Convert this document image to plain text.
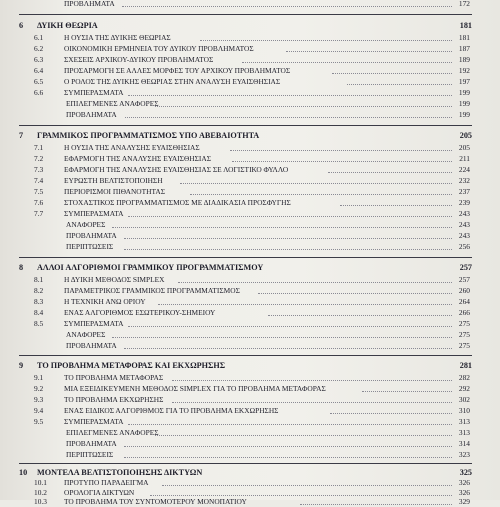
ΠΡΟΒΛΗΜΑΤΑ	172
6 ΔΥΙΚΗ ΘΕΩΡΙΑ	181
6.1	Η ΟΥΣΙΑ ΤΗΣ ΔΥΙΚΗΣ ΘΕΩΡΙΑΣ	181
6.2	ΟΙΚΟΝΟΜΙΚΗ ΕΡΜΗΝΕΙΑ ΤΟΥ ΔΥΙΚΟΥ ΠΡΟΒΛΗΜΑΤΟΣ	187
6.3	ΣΧΕΣΕΙΣ ΑΡΧΙΚΟΥ-ΔΥΙΚΟΥ ΠΡΟΒΛΗΜΑΤΟΣ	189
6.4	ΠΡΟΣΑΡΜΟΓΗ ΣΕ ΑΛΛΕΣ ΜΟΡΦΕΣ ΤΟΥ ΑΡΧΙΚΟΥ ΠΡΟΒΛΗΜΑΤΟΣ	192
6.5	Ο ΡΟΛΟΣ ΤΗΣ ΔΥΙΚΗΣ ΘΕΩΡΙΑΣ ΣΤΗΝ ΑΝΑΛΥΣΗ ΕΥΑΙΣΘΗΣΙΑΣ	197
6.6	ΣΥΜΠΕΡΑΣΜΑΤΑ	199
ΕΠΙΛΕΓΜΕΝΕΣ ΑΝΑΦΟΡΕΣ	199
ΠΡΟΒΛΗΜΑΤΑ	199
7 ΓΡΑΜΜΙΚΟΣ ΠΡΟΓΡΑΜΜΑΤΙΣΜΟΣ ΥΠΟ ΑΒΕΒΑΙΟΤΗΤΑ	205
7.1	Η ΟΥΣΙΑ ΤΗΣ ΑΝΑΛΥΣΗΣ ΕΥΑΙΣΘΗΣΙΑΣ	205
7.2	ΕΦΑΡΜΟΓΗ ΤΗΣ ΑΝΑΛΥΣΗΣ ΕΥΑΙΣΘΗΣΙΑΣ	211
7.3	ΕΦΑΡΜΟΓΗ ΤΗΣ ΑΝΑΛΥΣΗΣ ΕΥΑΙΣΘΗΣΙΑΣ ΣΕ ΛΟΓΙΣΤΙΚΟ ΦΥΛΛΟ	224
7.4	ΕΥΡΩΣΤΗ ΒΕΛΤΙΣΤΟΠΟΙΗΣΗ	232
7.5	ΠΕΡΙΟΡΙΣΜΟΙ ΠΙΘΑΝΟΤΗΤΑΣ	237
7.6	ΣΤΟΧΑΣΤΙΚΟΣ ΠΡΟΓΡΑΜΜΑΤΙΣΜΟΣ ΜΕ ΔΙΑΔΙΚΑΣΙΑ ΠΡΟΣΦΥΓΗΣ	239
7.7	ΣΥΜΠΕΡΑΣΜΑΤΑ	243
ΑΝΑΦΟΡΕΣ	243
ΠΡΟΒΛΗΜΑΤΑ	243
ΠΕΡΙΠΤΩΣΕΙΣ	256
8 ΑΛΛΟΙ ΑΛΓΟΡΙΘΜΟΙ ΓΡΑΜΜΙΚΟΥ ΠΡΟΓΡΑΜΜΑΤΙΣΜΟΥ	257
8.1	Η ΔΥΙΚΗ ΜΕΘΟΔΟΣ SIMPLEX	257
8.2	ΠΑΡΑΜΕΤΡΙΚΟΣ ΓΡΑΜΜΙΚΟΣ ΠΡΟΓΡΑΜΜΑΤΙΣΜΟΣ	260
8.3	Η ΤΕΧΝΙΚΗ ΑΝΩ ΟΡΙΟΥ	264
8.4	ΕΝΑΣ ΑΛΓΟΡΙΘΜΟΣ ΕΣΩΤΕΡΙΚΟΥ-ΣΗΜΕΙΟΥ	266
8.5	ΣΥΜΠΕΡΑΣΜΑΤΑ	275
ΑΝΑΦΟΡΕΣ	275
ΠΡΟΒΛΗΜΑΤΑ	275
9 ΤΟ ΠΡΟΒΛΗΜΑ ΜΕΤΑΦΟΡΑΣ ΚΑΙ ΕΚΧΩΡΗΣΗΣ	281
9.1	ΤΟ ΠΡΟΒΛΗΜΑ ΜΕΤΑΦΟΡΑΣ	282
9.2	ΜΙΑ ΕΞΕΙΔΙΚΕΥΜΕΝΗ ΜΕΘΟΔΟΣ SIMPLEX ΓΙΑ ΤΟ ΠΡΟΒΛΗΜΑ ΜΕΤΑΦΟΡΑΣ	292
9.3	ΤΟ ΠΡΟΒΛΗΜΑ ΕΚΧΩΡΗΣΗΣ	302
9.4	ΕΝΑΣ ΕΙΔΙΚΟΣ ΑΛΓΟΡΙΘΜΟΣ ΓΙΑ ΤΟ ΠΡΟΒΛΗΜΑ ΕΚΧΩΡΗΣΗΣ	310
9.5	ΣΥΜΠΕΡΑΣΜΑΤΑ	313
ΕΠΙΛΕΓΜΕΝΕΣ ΑΝΑΦΟΡΕΣ	313
ΠΡΟΒΛΗΜΑΤΑ	314
ΠΕΡΙΠΤΩΣΕΙΣ	323
10 ΜΟΝΤΕΛΑ ΒΕΛΤΙΣΤΟΠΟΙΗΣΗΣ ΔΙΚΤΥΩΝ	325
10.1 ΠΡΟΤΥΠΟ ΠΑΡΑΔΕΙΓΜΑ	326
10.2 ΟΡΟΛΟΓΙΑ ΔΙΚΤΥΩΝ	326
10.3 ΤΟ ΠΡΟΒΛΗΜΑ ΤΟΥ ΣΥΝΤΟΜΟΤΕΡΟΥ ΜΟΝΟΠΑΤΙΟΥ	329
